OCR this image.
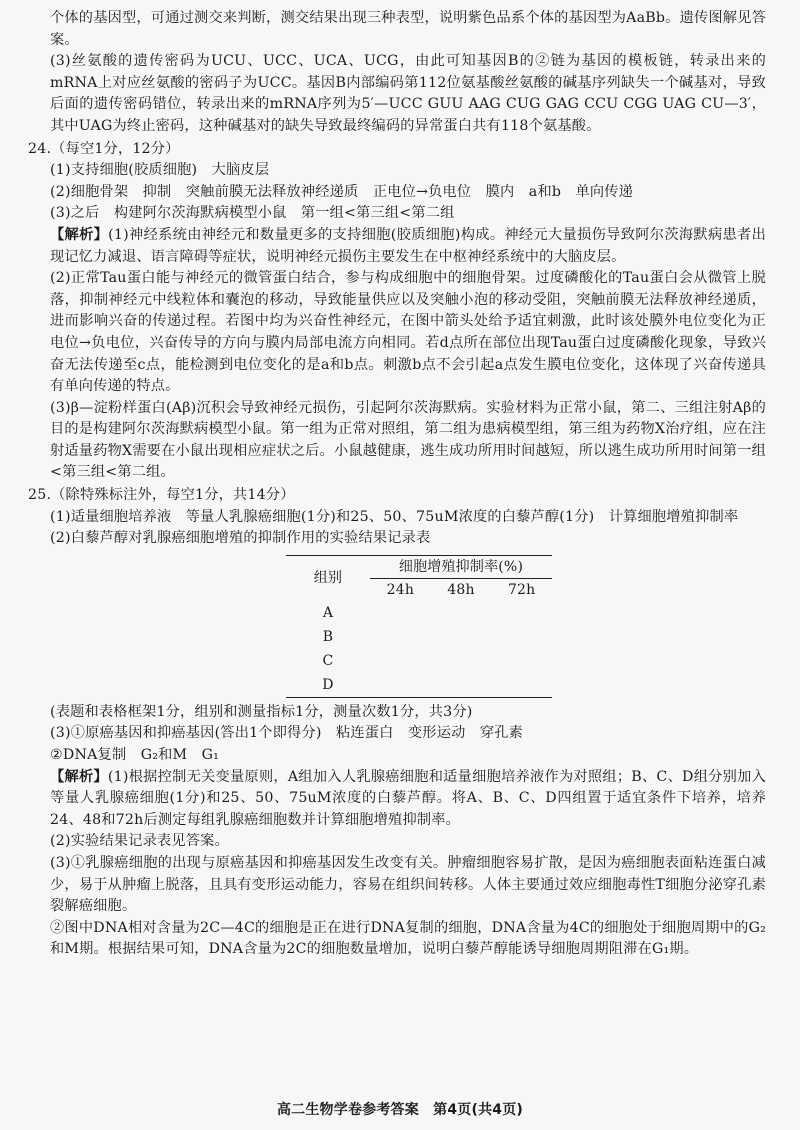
个体的基因型，可通过测交来判断，测交结果出现三种表型，说明紫色品系个体的基因型为AaBb。遗传图解见答案。

(3)丝氨酸的遗传密码为UCU、UCC、UCA、UCG，由此可知基因B的②链为基因的模板链，转录出来的mRNA上对应丝氨酸的密码子为UCC。基因B内部编码第112位氨基酸丝氨酸的碱基序列缺失一个碱基对，导致后面的遗传密码错位，转录出来的mRNA序列为5′—UCC GUU AAG CUG GAG CCU CGG UAG CU—3′，其中UAG为终止密码，这种碱基对的缺失导致最终编码的异常蛋白共有118个氨基酸。

24.（每空1分，12分）

(1)支持细胞(胶质细胞)　大脑皮层

(2)细胞骨架　抑制　突触前膜无法释放神经递质　正电位→负电位　膜内　a和b　单向传递

(3)之后　构建阿尔茨海默病模型小鼠　第一组<第三组<第二组

【解析】(1)神经系统由神经元和数量更多的支持细胞(胶质细胞)构成。神经元大量损伤导致阿尔茨海默病患者出现记忆力减退、语言障碍等症状，说明神经元损伤主要发生在中枢神经系统中的大脑皮层。

(2)正常Tau蛋白能与神经元的微管蛋白结合，参与构成细胞中的细胞骨架。过度磷酸化的Tau蛋白会从微管上脱落，抑制神经元中线粒体和囊泡的移动，导致能量供应以及突触小泡的移动受阻，突触前膜无法释放神经递质，进而影响兴奋的传递过程。若图中均为兴奋性神经元，在图中箭头处给予适宜刺激，此时该处膜外电位变化为正电位→负电位，兴奋传导的方向与膜内局部电流方向相同。若d点所在部位出现Tau蛋白过度磷酸化现象，导致兴奋无法传递至c点，能检测到电位变化的是a和b点。刺激b点不会引起a点发生膜电位变化，这体现了兴奋传递具有单向传递的特点。

(3)β—淀粉样蛋白(Aβ)沉积会导致神经元损伤，引起阿尔茨海默病。实验材料为正常小鼠，第二、三组注射Aβ的目的是构建阿尔茨海默病模型小鼠。第一组为正常对照组，第二组为患病模型组，第三组为药物X治疗组，应在注射适量药物X需要在小鼠出现相应症状之后。小鼠越健康，逃生成功所用时间越短，所以逃生成功所用时间第一组<第三组<第二组。

25.（除特殊标注外，每空1分，共14分）

(1)适量细胞培养液　等量人乳腺癌细胞(1分)和25、50、75uM浓度的白藜芦醇(1分)　计算细胞增殖抑制率

(2)白藜芦醇对乳腺癌细胞增殖的抑制作用的实验结果记录表

组别	细胞增殖抑制率(%)		
	24h	48h	72h
A			
B			
C			
D			

(表题和表格框架1分，组别和测量指标1分，测量次数1分，共3分)

(3)①原癌基因和抑癌基因(答出1个即得分)　粘连蛋白　变形运动　穿孔素

②DNA复制　G₂和M　G₁

【解析】(1)根据控制无关变量原则，A组加入人乳腺癌细胞和适量细胞培养液作为对照组；B、C、D组分别加入等量人乳腺癌细胞(1分)和25、50、75uM浓度的白藜芦醇。将A、B、C、D四组置于适宜条件下培养，培养24、48和72h后测定每组乳腺癌细胞数并计算细胞增殖抑制率。

(2)实验结果记录表见答案。

(3)①乳腺癌细胞的出现与原癌基因和抑癌基因发生改变有关。肿瘤细胞容易扩散，是因为癌细胞表面粘连蛋白减少，易于从肿瘤上脱落，且具有变形运动能力，容易在组织间转移。人体主要通过效应细胞毒性T细胞分泌穿孔素裂解癌细胞。

②图中DNA相对含量为2C—4C的细胞是正在进行DNA复制的细胞，DNA含量为4C的细胞处于细胞周期中的G₂和M期。根据结果可知，DNA含量为2C的细胞数量增加，说明白藜芦醇能诱导细胞周期阻滞在G₁期。

高二生物学卷参考答案　第4页(共4页)
